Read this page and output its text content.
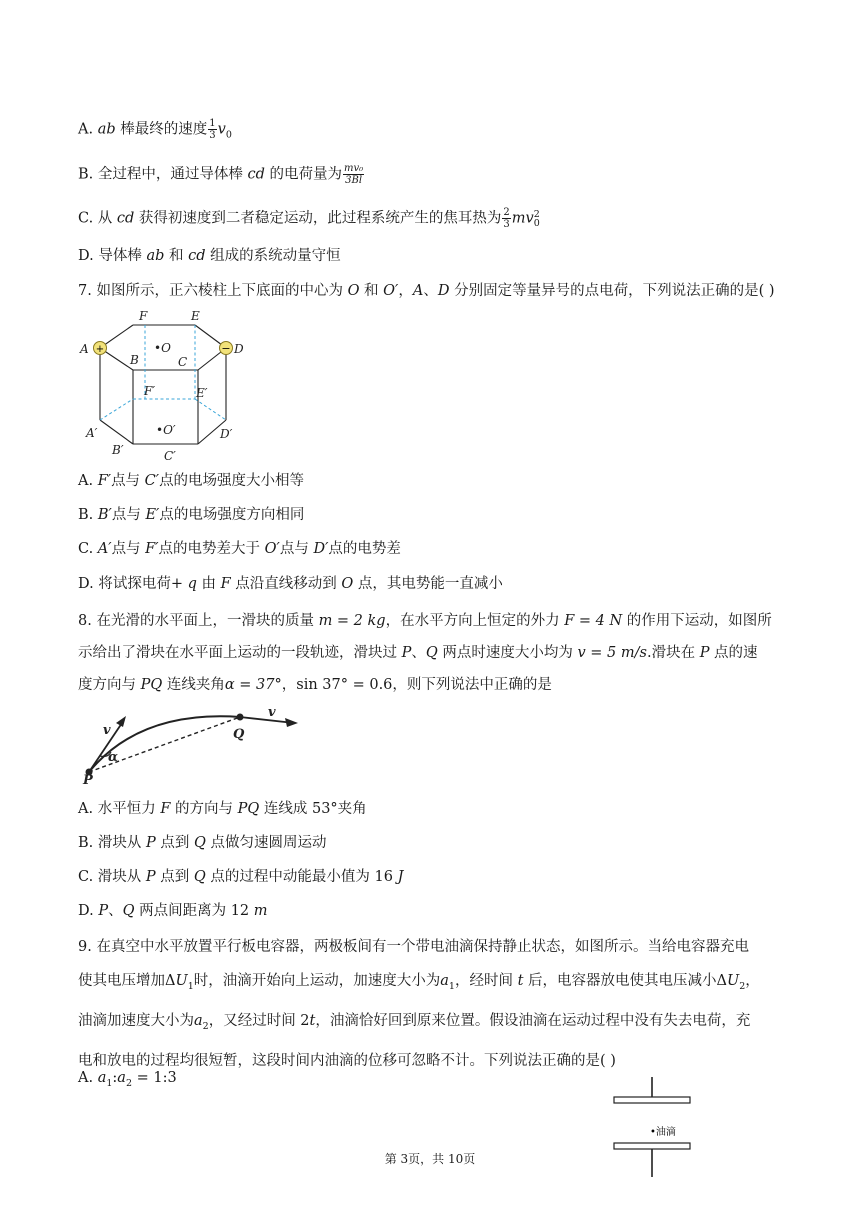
A. ab 棒最终的速度 $\frac{1}{3} v_0$
B. 全过程中，通过导体棒 cd 的电荷量为 $\frac{\text{mv₀}}{3Bl}$
C. 从 cd 获得初速度到二者稳定运动，此过程系统产生的焦耳热为 $\frac{2}{3}$ mv 2
0
D. 导体棒 ab 和 cd 组成的系统动量守恒
7. 如图所示，正六棱柱上下底面的中心为 O 和 O′，A、D 分别固定等量异号的点电荷，下列说法正确的是( )
+	−
F	E
A	D
B	C
•O
F′	E′
A′
B′
•O′
C′
D′
A. F′点与 C′点的电场强度大小相等
B. B′点与 E′点的电场强度方向相同
C. A′点与 F′点的电势差大于 O′点与 D′点的电势差
D. 将试探电荷+ q 由 F 点沿直线移动到 O 点，其电势能一直减小
8. 在光滑的水平面上，一滑块的质量 m = 2 kg，在水平方向上恒定的外力 F = 4 N 的作用下运动，如图所
示给出了滑块在水平面上运动的一段轨迹，滑块过 P、Q 两点时速度大小均为 v = 5 m/s.滑块在 P 点的速
度方向与 PQ 连线夹角α = 37°，sin 37° = 0.6，则下列说法中正确的是
v
v
α
P
Q
A. 水平恒力 F 的方向与 PQ 连线成 53°夹角
B. 滑块从 P 点到 Q 点做匀速圆周运动
C. 滑块从 P 点到 Q 点的过程中动能最小值为 16 J
D. P、Q 两点间距离为 12 m
9. 在真空中水平放置平行板电容器，两极板间有一个带电油滴保持静止状态，如图所示。当给电容器充电
使其电压增加$\Delta U_1$时，油滴开始向上运动，加速度大小为$a_1$，经时间 t 后，电容器放电使其电压减小$\Delta U_2$，
油滴加速度大小为$a_2$，又经过时间 2t，油滴恰好回到原来位置。假设油滴在运动过程中没有失去电荷，充
电和放电的过程均很短暂，这段时间内油滴的位移可忽略不计。下列说法正确的是( )
A. $a_1:a_2$ = 1:3
•油滴
第 3页，共 10页
